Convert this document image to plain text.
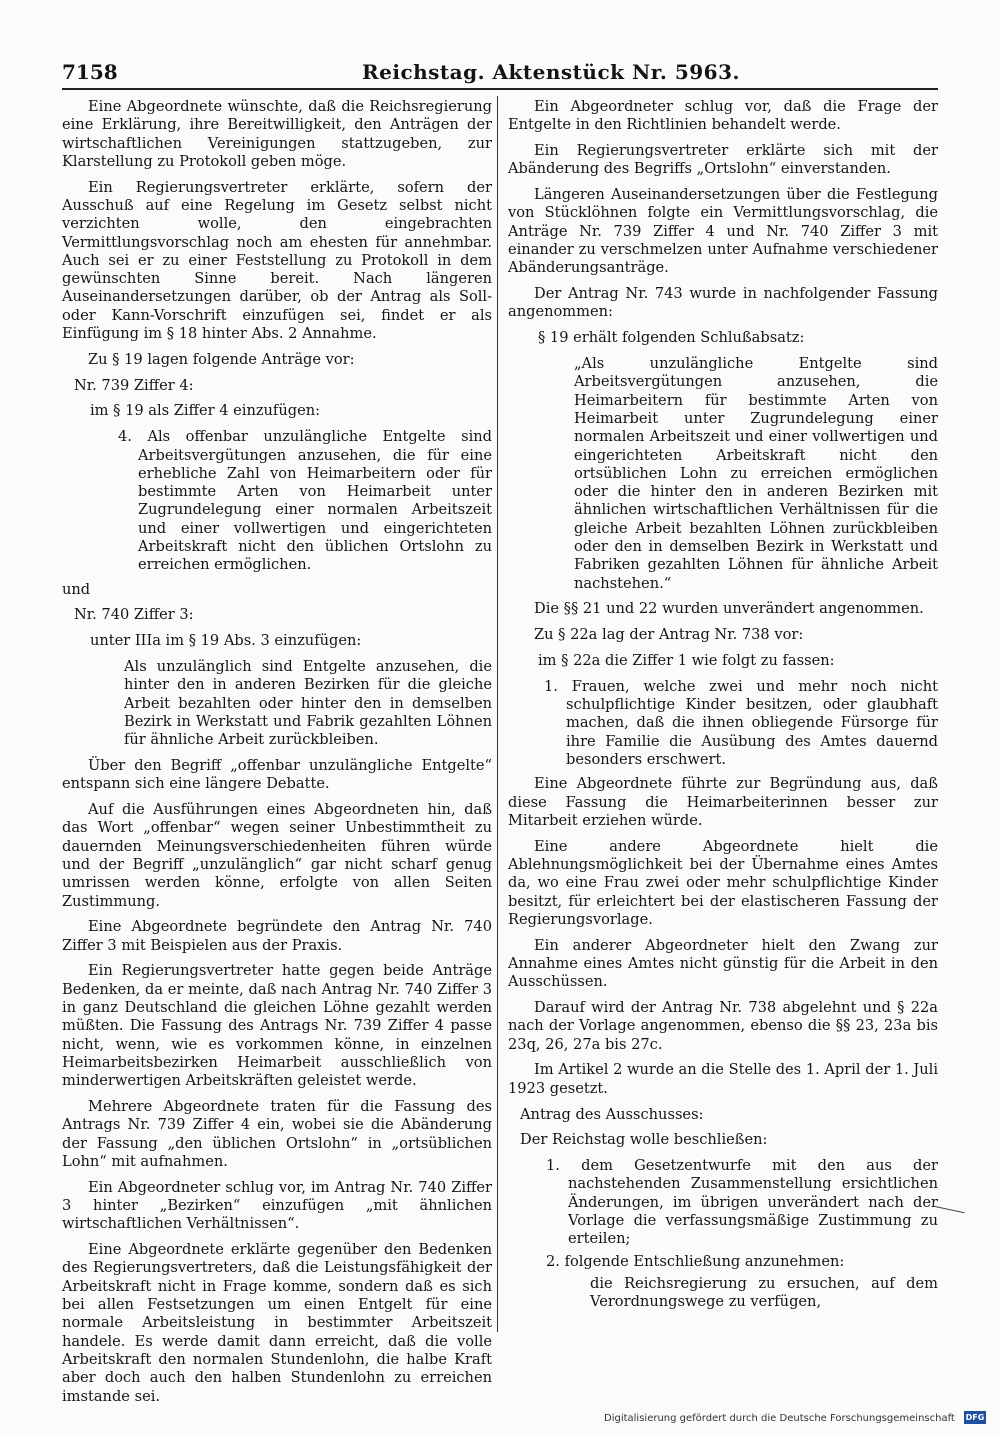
7158	Reichstag. Aktenstück Nr. 5963.

Eine Abgeordnete wünschte, daß die Reichsregierung eine Erklärung, ihre Bereitwilligkeit, den Anträgen der wirtschaftlichen Vereinigungen stattzugeben, zur Klarstellung zu Protokoll geben möge.

Ein Regierungsvertreter erklärte, sofern der Ausschuß auf eine Regelung im Gesetz selbst nicht verzichten wolle, den eingebrachten Vermittlungsvorschlag noch am ehesten für annehmbar. Auch sei er zu einer Feststellung zu Protokoll in dem gewünschten Sinne bereit. Nach längeren Auseinandersetzungen darüber, ob der Antrag als Soll- oder Kann-Vorschrift einzufügen sei, findet er als Einfügung im § 18 hinter Abs. 2 Annahme.

Zu § 19 lagen folgende Anträge vor:

Nr. 739 Ziffer 4:

im § 19 als Ziffer 4 einzufügen:

4. Als offenbar unzulängliche Entgelte sind Arbeitsvergütungen anzusehen, die für eine erhebliche Zahl von Heimarbeitern oder für bestimmte Arten von Heimarbeit unter Zugrundelegung einer normalen Arbeitszeit und einer vollwertigen und eingerichteten Arbeitskraft nicht den üblichen Ortslohn zu erreichen ermöglichen.

und

Nr. 740 Ziffer 3:

unter IIIa im § 19 Abs. 3 einzufügen:

Als unzulänglich sind Entgelte anzusehen, die hinter den in anderen Bezirken für die gleiche Arbeit bezahlten oder hinter den in demselben Bezirk in Werkstatt und Fabrik gezahlten Löhnen für ähnliche Arbeit zurückbleiben.

Über den Begriff „offenbar unzulängliche Entgelte“ entspann sich eine längere Debatte.

Auf die Ausführungen eines Abgeordneten hin, daß das Wort „offenbar“ wegen seiner Unbestimmtheit zu dauernden Meinungsverschiedenheiten führen würde und der Begriff „unzulänglich“ gar nicht scharf genug umrissen werden könne, erfolgte von allen Seiten Zustimmung.

Eine Abgeordnete begründete den Antrag Nr. 740 Ziffer 3 mit Beispielen aus der Praxis.

Ein Regierungsvertreter hatte gegen beide Anträge Bedenken, da er meinte, daß nach Antrag Nr. 740 Ziffer 3 in ganz Deutschland die gleichen Löhne gezahlt werden müßten. Die Fassung des Antrags Nr. 739 Ziffer 4 passe nicht, wenn, wie es vorkommen könne, in einzelnen Heimarbeitsbezirken Heimarbeit ausschließlich von minderwertigen Arbeitskräften geleistet werde.

Mehrere Abgeordnete traten für die Fassung des Antrags Nr. 739 Ziffer 4 ein, wobei sie die Abänderung der Fassung „den üblichen Ortslohn“ in „ortsüblichen Lohn“ mit aufnahmen.

Ein Abgeordneter schlug vor, im Antrag Nr. 740 Ziffer 3 hinter „Bezirken“ einzufügen „mit ähnlichen wirtschaftlichen Verhältnissen“.

Eine Abgeordnete erklärte gegenüber den Bedenken des Regierungsvertreters, daß die Leistungsfähigkeit der Arbeitskraft nicht in Frage komme, sondern daß es sich bei allen Festsetzungen um einen Entgelt für eine normale Arbeitsleistung in bestimmter Arbeitszeit handele. Es werde damit dann erreicht, daß die volle Arbeitskraft den normalen Stundenlohn, die halbe Kraft aber doch auch den halben Stundenlohn zu erreichen imstande sei.

Ein Abgeordneter schlug vor, daß die Frage der Entgelte in den Richtlinien behandelt werde.

Ein Regierungsvertreter erklärte sich mit der Abänderung des Begriffs „Ortslohn“ einverstanden.

Längeren Auseinandersetzungen über die Festlegung von Stücklöhnen folgte ein Vermittlungsvorschlag, die Anträge Nr. 739 Ziffer 4 und Nr. 740 Ziffer 3 mit einander zu verschmelzen unter Aufnahme verschiedener Abänderungsanträge.

Der Antrag Nr. 743 wurde in nachfolgender Fassung angenommen:

§ 19 erhält folgenden Schlußabsatz:

„Als unzulängliche Entgelte sind Arbeitsvergütungen anzusehen, die Heimarbeitern für bestimmte Arten von Heimarbeit unter Zugrundelegung einer normalen Arbeitszeit und einer vollwertigen und eingerichteten Arbeitskraft nicht den ortsüblichen Lohn zu erreichen ermöglichen oder die hinter den in anderen Bezirken mit ähnlichen wirtschaftlichen Verhältnissen für die gleiche Arbeit bezahlten Löhnen zurückbleiben oder den in demselben Bezirk in Werkstatt und Fabriken gezahlten Löhnen für ähnliche Arbeit nachstehen.“

Die §§ 21 und 22 wurden unverändert angenommen.

Zu § 22a lag der Antrag Nr. 738 vor:

im § 22a die Ziffer 1 wie folgt zu fassen:

1. Frauen, welche zwei und mehr noch nicht schulpflichtige Kinder besitzen, oder glaubhaft machen, daß die ihnen obliegende Fürsorge für ihre Familie die Ausübung des Amtes dauernd besonders erschwert.

Eine Abgeordnete führte zur Begründung aus, daß diese Fassung die Heimarbeiterinnen besser zur Mitarbeit erziehen würde.

Eine andere Abgeordnete hielt die Ablehnungsmöglichkeit bei der Übernahme eines Amtes da, wo eine Frau zwei oder mehr schulpflichtige Kinder besitzt, für erleichtert bei der elastischeren Fassung der Regierungsvorlage.

Ein anderer Abgeordneter hielt den Zwang zur Annahme eines Amtes nicht günstig für die Arbeit in den Ausschüssen.

Darauf wird der Antrag Nr. 738 abgelehnt und § 22a nach der Vorlage angenommen, ebenso die §§ 23, 23a bis 23q, 26, 27a bis 27c.

Im Artikel 2 wurde an die Stelle des 1. April der 1. Juli 1923 gesetzt.

Antrag des Ausschusses:

Der Reichstag wolle beschließen:

1. dem Gesetzentwurfe mit den aus der nachstehenden Zusammenstellung ersichtlichen Änderungen, im übrigen unverändert nach der Vorlage die verfassungsmäßige Zustimmung zu erteilen;

2. folgende Entschließung anzunehmen:

die Reichsregierung zu ersuchen, auf dem Verordnungswege zu verfügen,

Digitalisierung gefördert durch die Deutsche Forschungsgemeinschaft DFG
